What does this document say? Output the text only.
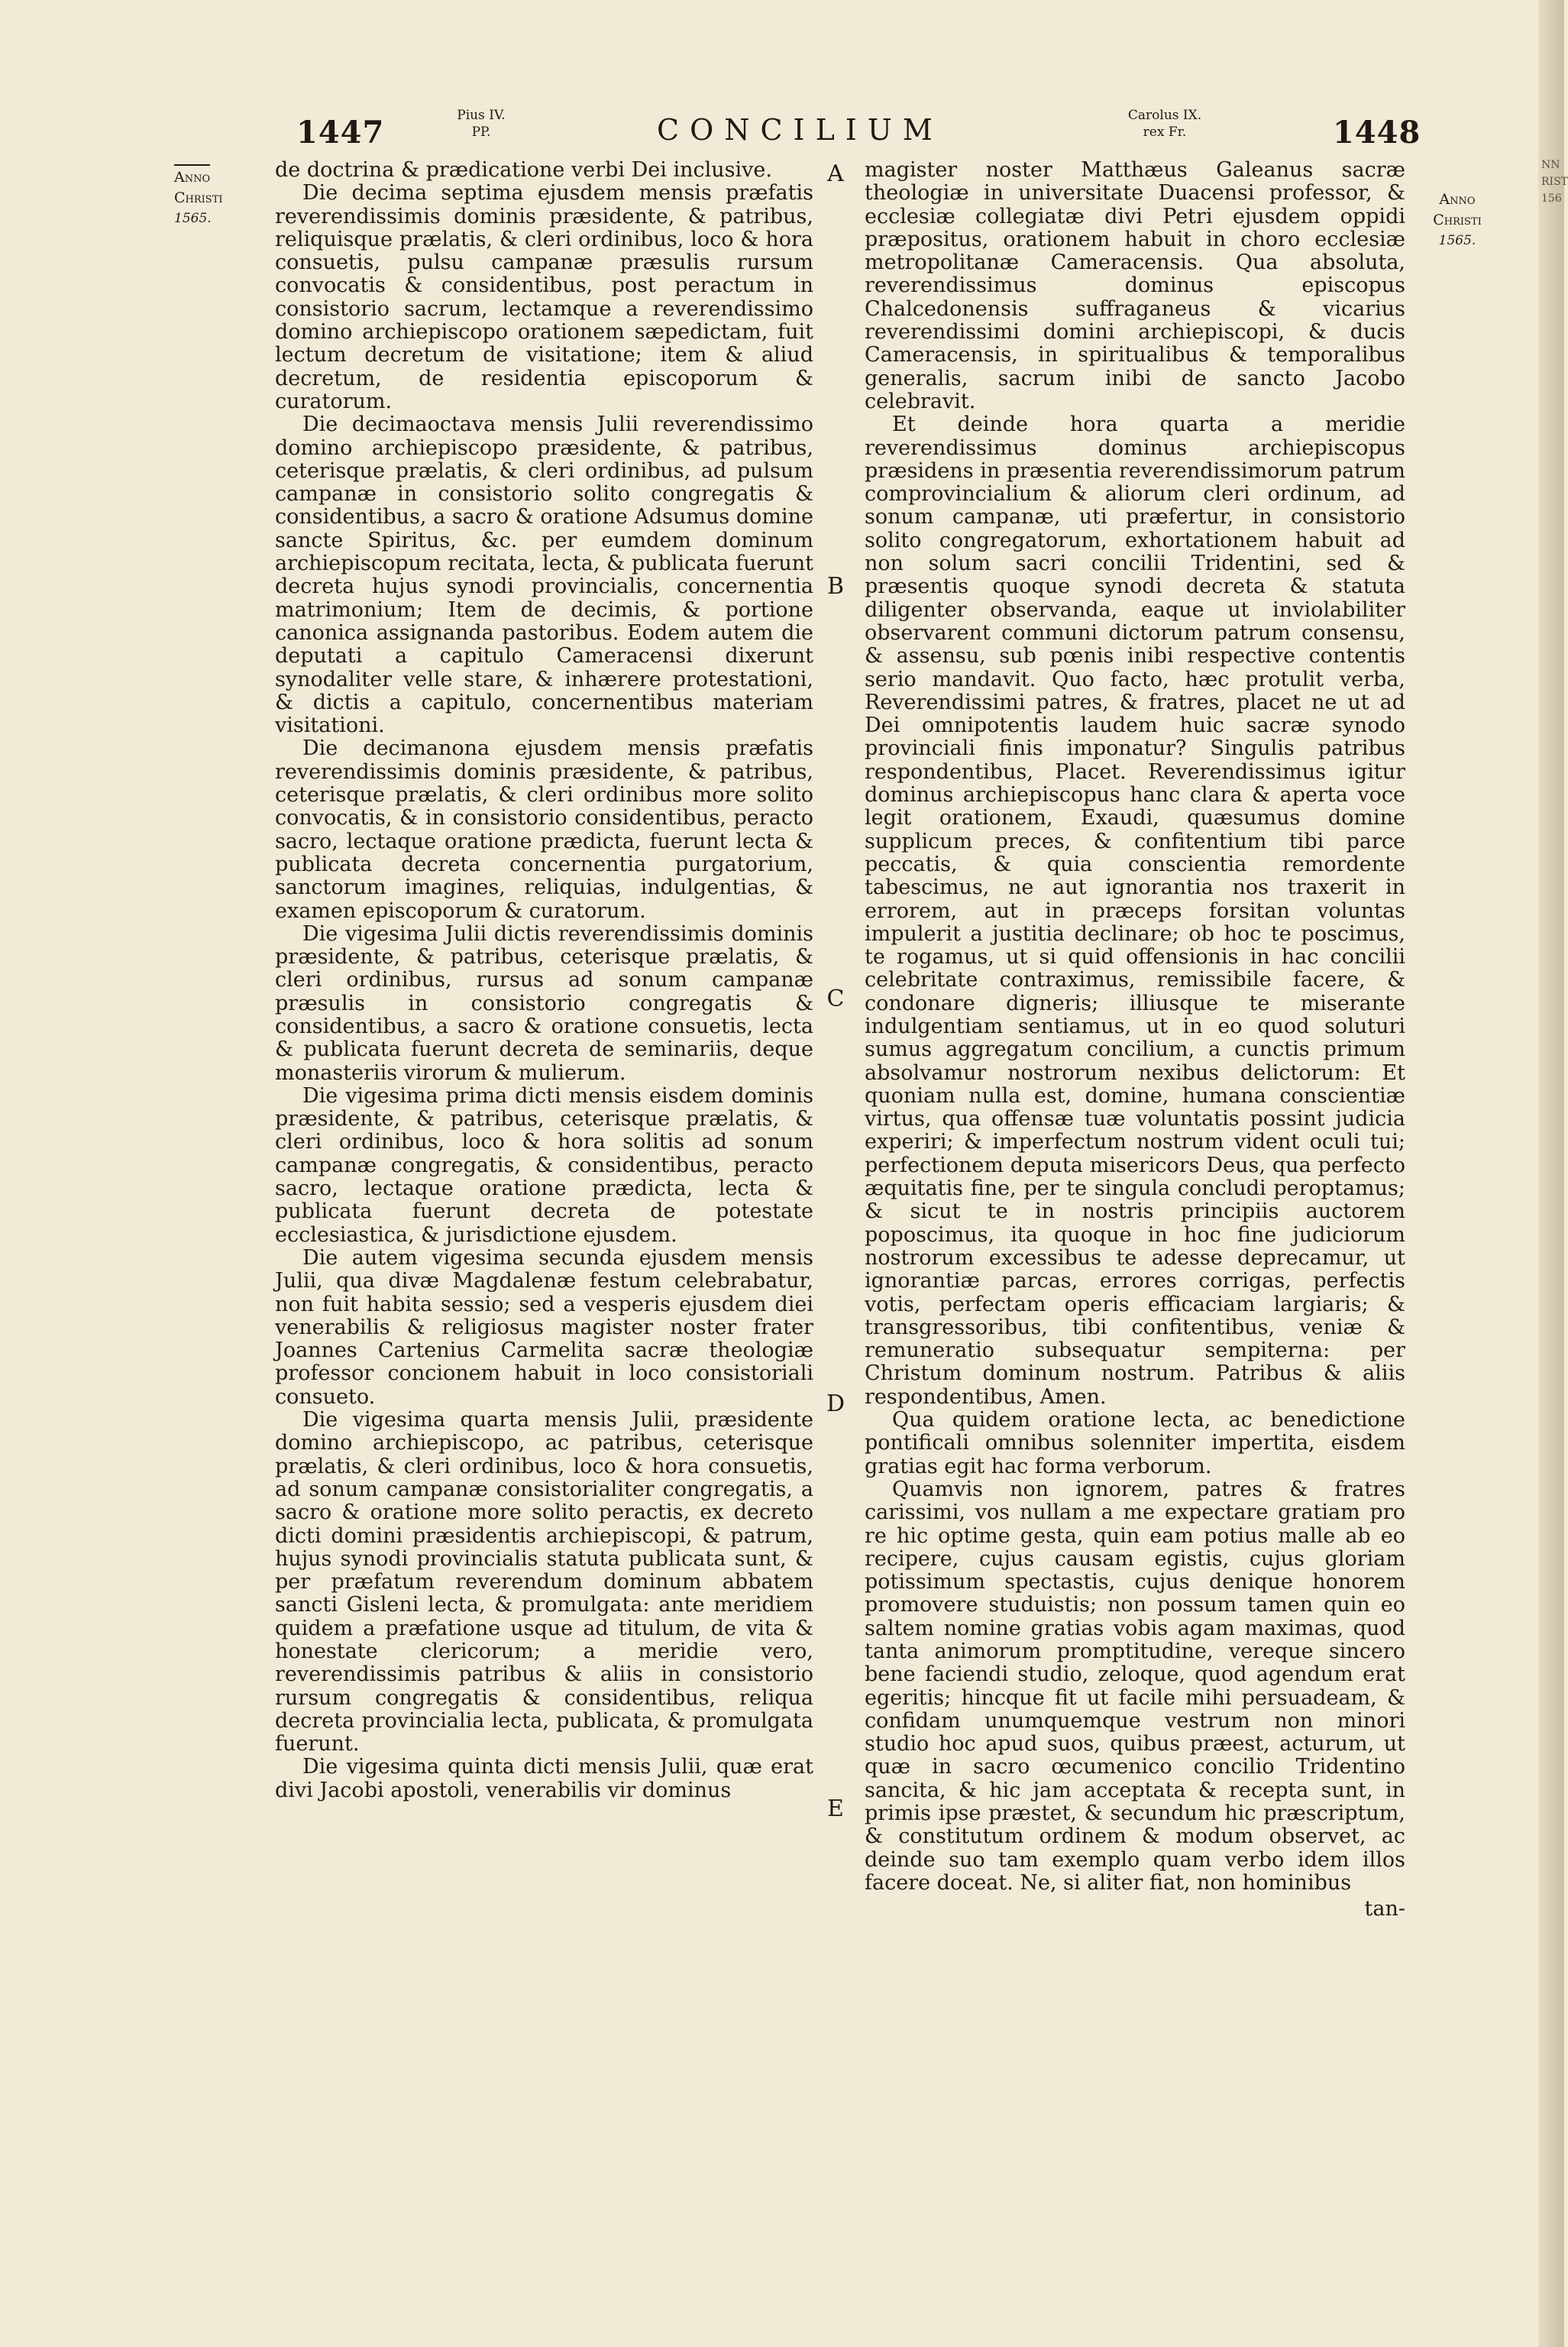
NN
RIST
156
1447	Pius IV.
PP.	CONCILIUM	Carolus IX.
rex Fr.	1448
Anno
Christi
1565.
Anno
Christi
1565.
A
B
C
D
E

de doctrina & prædicatione verbi Dei inclusive.

Die decima septima ejusdem mensis præfatis reverendissimis dominis præsidente, & patribus, reliquisque prælatis, & cleri ordinibus, loco & hora consuetis, pulsu campanæ præsulis rursum convocatis & considentibus, post peractum in consistorio sacrum, lectamque a reverendissimo domino archiepiscopo orationem sæpedictam, fuit lectum decretum de visitatione; item & aliud decretum, de residentia episcoporum & curatorum.

Die decimaoctava mensis Julii reverendissimo domino archiepiscopo præsidente, & patribus, ceterisque prælatis, & cleri ordinibus, ad pulsum campanæ in consistorio solito congregatis & considentibus, a sacro & oratione Adsumus domine sancte Spiritus, &c. per eumdem dominum archiepiscopum recitata, lecta, & publicata fuerunt decreta hujus synodi provincialis, concernentia matrimonium; Item de decimis, & portione canonica assignanda pastoribus. Eodem autem die deputati a capitulo Cameracensi dixerunt synodaliter velle stare, & inhærere protestationi, & dictis a capitulo, concernentibus materiam visitationi.

Die decimanona ejusdem mensis præfatis reverendissimis dominis præsidente, & patribus, ceterisque prælatis, & cleri ordinibus more solito convocatis, & in consistorio considentibus, peracto sacro, lectaque oratione prædicta, fuerunt lecta & publicata decreta concernentia purgatorium, sanctorum imagines, reliquias, indulgentias, & examen episcoporum & curatorum.

Die vigesima Julii dictis reverendissimis dominis præsidente, & patribus, ceterisque prælatis, & cleri ordinibus, rursus ad sonum campanæ præsulis in consistorio congregatis & considentibus, a sacro & oratione consuetis, lecta & publicata fuerunt decreta de seminariis, deque monasteriis virorum & mulierum.

Die vigesima prima dicti mensis eisdem dominis præsidente, & patribus, ceterisque prælatis, & cleri ordinibus, loco & hora solitis ad sonum campanæ congregatis, & considentibus, peracto sacro, lectaque oratione prædicta, lecta & publicata fuerunt decreta de potestate ecclesiastica, & jurisdictione ejusdem.

Die autem vigesima secunda ejusdem mensis Julii, qua divæ Magdalenæ festum celebrabatur, non fuit habita sessio; sed a vesperis ejusdem diei venerabilis & religiosus magister noster frater Joannes Cartenius Carmelita sacræ theologiæ professor concionem habuit in loco consistoriali consueto.

Die vigesima quarta mensis Julii, præsidente domino archiepiscopo, ac patribus, ceterisque prælatis, & cleri ordinibus, loco & hora consuetis, ad sonum campanæ consistorialiter congregatis, a sacro & oratione more solito peractis, ex decreto dicti domini præsidentis archiepiscopi, & patrum, hujus synodi provincialis statuta publicata sunt, & per præfatum reverendum dominum abbatem sancti Gisleni lecta, & promulgata: ante meridiem quidem a præfatione usque ad titulum, de vita & honestate clericorum; a meridie vero, reverendissimis patribus & aliis in consistorio rursum congregatis & considentibus, reliqua decreta provincialia lecta, publicata, & promulgata fuerunt.

Die vigesima quinta dicti mensis Julii, quæ erat divi Jacobi apostoli, venerabilis vir dominus

magister noster Matthæus Galeanus sacræ theologiæ in universitate Duacensi professor, & ecclesiæ collegiatæ divi Petri ejusdem oppidi præpositus, orationem habuit in choro ecclesiæ metropolitanæ Cameracensis. Qua absoluta, reverendissimus dominus episcopus Chalcedonensis suffraganeus & vicarius reverendissimi domini archiepiscopi, & ducis Cameracensis, in spiritualibus & temporalibus generalis, sacrum inibi de sancto Jacobo celebravit.

Et deinde hora quarta a meridie reverendissimus dominus archiepiscopus præsidens in præsentia reverendissimorum patrum comprovincialium & aliorum cleri ordinum, ad sonum campanæ, uti præfertur, in consistorio solito congregatorum, exhortationem habuit ad non solum sacri concilii Tridentini, sed & præsentis quoque synodi decreta & statuta diligenter observanda, eaque ut inviolabiliter observarent communi dictorum patrum consensu, & assensu, sub pœnis inibi respective contentis serio mandavit. Quo facto, hæc protulit verba, Reverendissimi patres, & fratres, placet ne ut ad Dei omnipotentis laudem huic sacræ synodo provinciali finis imponatur? Singulis patribus respondentibus, Placet. Reverendissimus igitur dominus archiepiscopus hanc clara & aperta voce legit orationem, Exaudi, quæsumus domine supplicum preces, & confitentium tibi parce peccatis, & quia conscientia remordente tabescimus, ne aut ignorantia nos traxerit in errorem, aut in præceps forsitan voluntas impulerit a justitia declinare; ob hoc te poscimus, te rogamus, ut si quid offensionis in hac concilii celebritate contraximus, remissibile facere, & condonare digneris; illiusque te miserante indulgentiam sentiamus, ut in eo quod soluturi sumus aggregatum concilium, a cunctis primum absolvamur nostrorum nexibus delictorum: Et quoniam nulla est, domine, humana conscientiæ virtus, qua offensæ tuæ voluntatis possint judicia experiri; & imperfectum nostrum vident oculi tui; perfectionem deputa misericors Deus, qua perfecto æquitatis fine, per te singula concludi peroptamus; & sicut te in nostris principiis auctorem poposcimus, ita quoque in hoc fine judiciorum nostrorum excessibus te adesse deprecamur, ut ignorantiæ parcas, errores corrigas, perfectis votis, perfectam operis efficaciam largiaris; & transgressoribus, tibi confitentibus, veniæ & remuneratio subsequatur sempiterna: per Christum dominum nostrum. Patribus & aliis respondentibus, Amen.

Qua quidem oratione lecta, ac benedictione pontificali omnibus solenniter impertita, eisdem gratias egit hac forma verborum.

Quamvis non ignorem, patres & fratres carissimi, vos nullam a me expectare gratiam pro re hic optime gesta, quin eam potius malle ab eo recipere, cujus causam egistis, cujus gloriam potissimum spectastis, cujus denique honorem promovere studuistis; non possum tamen quin eo saltem nomine gratias vobis agam maximas, quod tanta animorum promptitudine, vereque sincero bene faciendi studio, zeloque, quod agendum erat egeritis; hincque fit ut facile mihi persuadeam, & confidam unumquemque vestrum non minori studio hoc apud suos, quibus præest, acturum, ut quæ in sacro œcumenico concilio Tridentino sancita, & hic jam acceptata & recepta sunt, in primis ipse præstet, & secundum hic præscriptum, & constitutum ordinem & modum observet, ac deinde suo tam exemplo quam verbo idem illos facere doceat. Ne, si aliter fiat, non hominibus

tan-
